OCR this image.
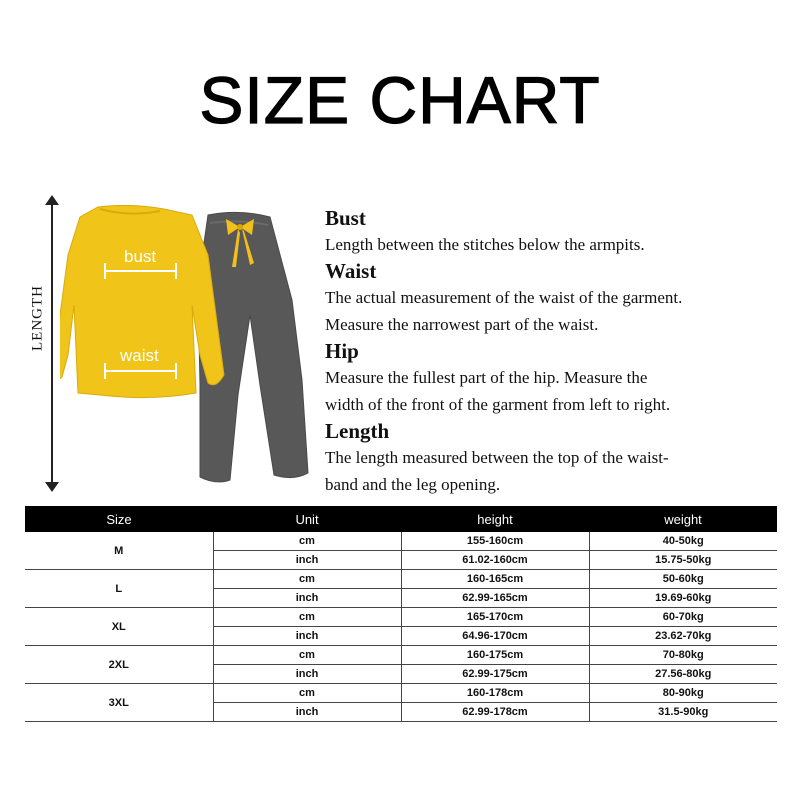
SIZE CHART
LENGTH
bust
waist
Bust

Length between the stitches below the armpits.

Waist

The actual measurement of the waist of the garment.

Measure the narrowest part of the waist.

Hip

Measure the fullest part of the hip. Measure the

width of the front of the garment from left to right.

Length

The length measured between the top of the waist-

band and the leg opening.

Size	Unit	height	weight
M	cm	155-160cm	40-50kg
	inch	61.02-160cm	15.75-50kg
L	cm	160-165cm	50-60kg
	inch	62.99-165cm	19.69-60kg
XL	cm	165-170cm	60-70kg
	inch	64.96-170cm	23.62-70kg
2XL	cm	160-175cm	70-80kg
	inch	62.99-175cm	27.56-80kg
3XL	cm	160-178cm	80-90kg
	inch	62.99-178cm	31.5-90kg
